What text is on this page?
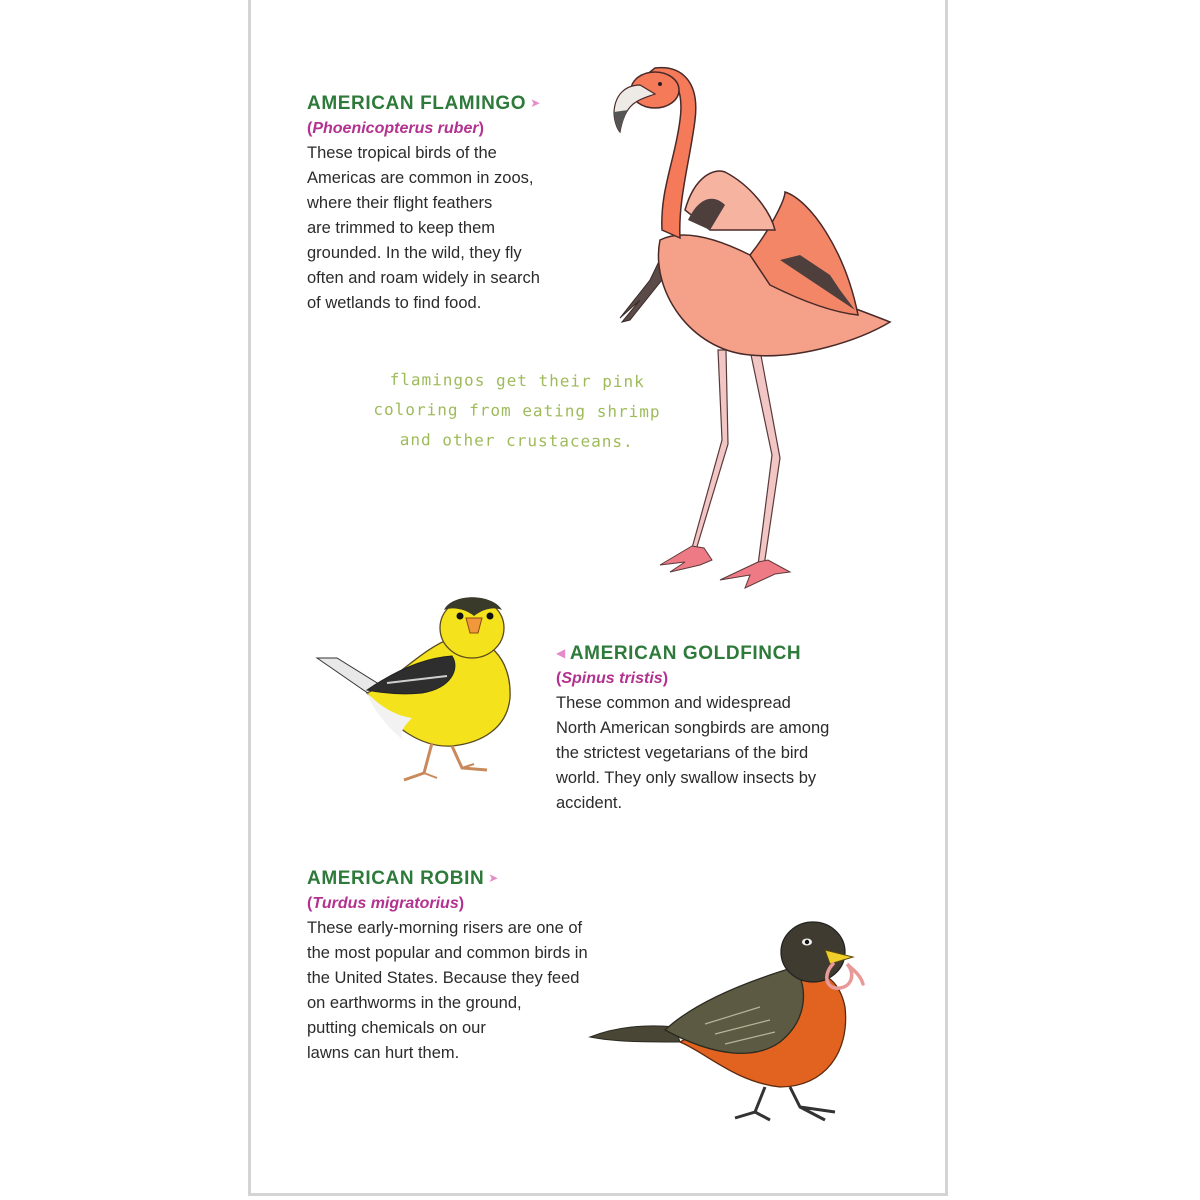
AMERICAN FLAMINGO ➤
(Phoenicopterus ruber)
These tropical birds of the
Americas are common in zoos,
where their flight feathers
are trimmed to keep them
grounded. In the wild, they fly
often and roam widely in search
of wetlands to find food.
flamingos get their pink
coloring from eating shrimp
and other crustaceans.
◀ AMERICAN GOLDFINCH
(Spinus tristis)
These common and widespread
North American songbirds are among
the strictest vegetarians of the bird
world. They only swallow insects by
accident.
AMERICAN ROBIN ➤
(Turdus migratorius)
These early-morning risers are one of
the most popular and common birds in
the United States. Because they feed
on earthworms in the ground,
putting chemicals on our
lawns can hurt them.
